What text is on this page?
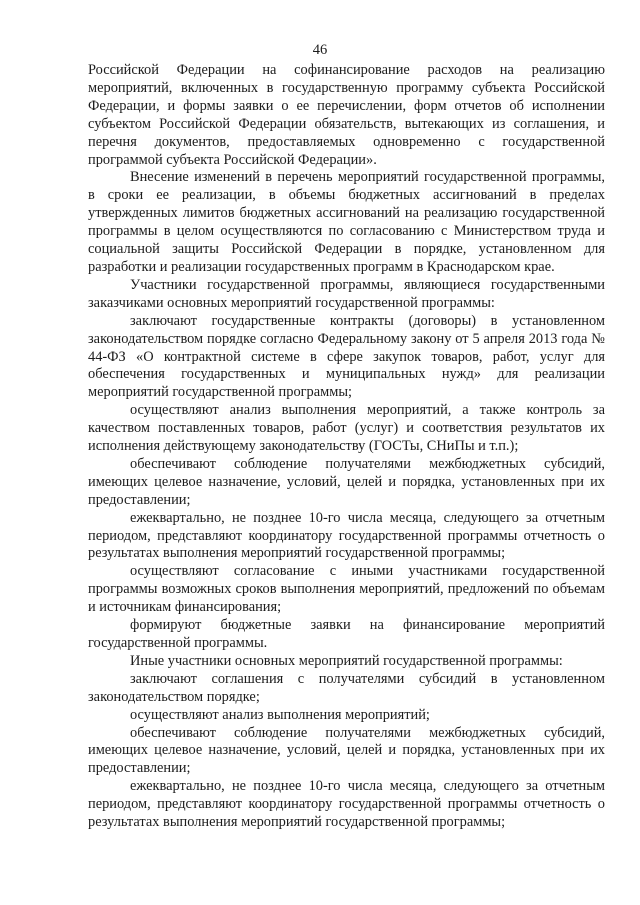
46

Российской Федерации на софинансирование расходов на реализацию мероприятий, включенных в государственную программу субъекта Российской Федерации, и формы заявки о ее перечислении, форм отчетов об исполнении субъектом Российской Федерации обязательств, вытекающих из соглашения, и перечня документов, предоставляемых одновременно с государственной программой субъекта Российской Федерации».

Внесение изменений в перечень мероприятий государственной программы, в сроки ее реализации, в объемы бюджетных ассигнований в пределах утвержденных лимитов бюджетных ассигнований на реализацию государственной программы в целом осуществляются по согласованию с Министерством труда и социальной защиты Российской Федерации в порядке, установленном для разработки и реализации государственных программ в Краснодарском крае.

Участники государственной программы, являющиеся государственными заказчиками основных мероприятий государственной программы:

заключают государственные контракты (договоры) в установленном законодательством порядке согласно Федеральному закону от 5 апреля 2013 года № 44-ФЗ «О контрактной системе в сфере закупок товаров, работ, услуг для обеспечения государственных и муниципальных нужд» для реализации мероприятий государственной программы;

осуществляют анализ выполнения мероприятий, а также контроль за качеством поставленных товаров, работ (услуг) и соответствия результатов их исполнения действующему законодательству (ГОСТы, СНиПы и т.п.);

обеспечивают соблюдение получателями межбюджетных субсидий, имеющих целевое назначение, условий, целей и порядка, установленных при их предоставлении;

ежеквартально, не позднее 10-го числа месяца, следующего за отчетным периодом, представляют координатору государственной программы отчетность о результатах выполнения мероприятий государственной программы;

осуществляют согласование с иными участниками государственной программы возможных сроков выполнения мероприятий, предложений по объемам и источникам финансирования;

формируют бюджетные заявки на финансирование мероприятий государственной программы.

Иные участники основных мероприятий государственной программы:

заключают соглашения с получателями субсидий в установленном законодательством порядке;

осуществляют анализ выполнения мероприятий;

обеспечивают соблюдение получателями межбюджетных субсидий, имеющих целевое назначение, условий, целей и порядка, установленных при их предоставлении;

ежеквартально, не позднее 10-го числа месяца, следующего за отчетным периодом, представляют координатору государственной программы отчетность о результатах выполнения мероприятий государственной программы;
